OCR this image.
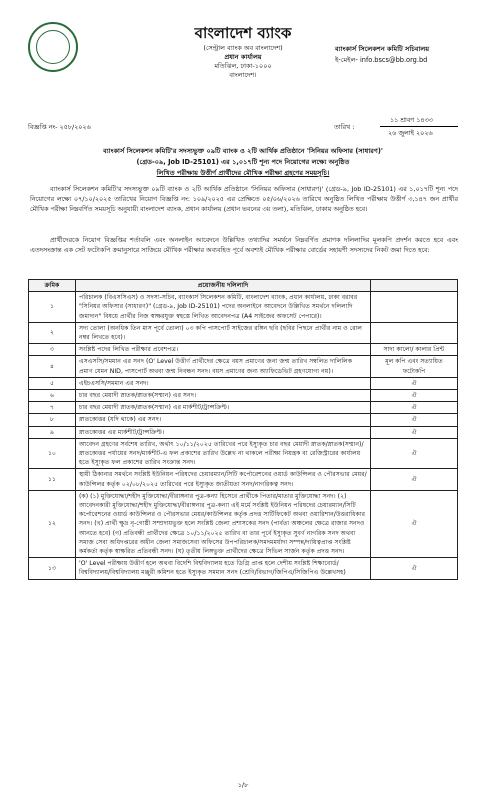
বাংলাদেশ ব্যাংক
(সেন্ট্রাল ব্যাংক অব বাংলাদেশ)
প্রধান কার্যালয়
মতিঝিল, ঢাকা-১০০০
বাংলাদেশ।
ব্যাংকার্স সিলেকশন কমিটি সচিবালয়
ই-মেইল- info.bscs@bb.org.bd
বিজ্ঞপ্তি নং- ২৫৮/২০২৬	তারিখ :
১১ শ্রাবণ ১৪৩৩
২৬ জুলাই ২০২৬
ব্যাংকার্স সিলেকশন কমিটি'র সদস্যভুক্ত ০৯টি ব্যাংক ও ২টি আর্থিক প্রতিষ্ঠানে 'সিনিয়র অফিসার (সাধারণ)'
(গ্রেড-০৯, Job ID-25101) এর ১,০১৭টি শূন্য পদে নিয়োগের লক্ষ্যে অনুষ্ঠিত
লিখিত পরীক্ষায় উত্তীর্ণ প্রার্থীদের মৌখিক পরীক্ষা গ্রহণের সময়সূচি।
ব্যাংকার্স সিলেকশন কমিটি'র সদস্যভুক্ত ০৯টি ব্যাংক ও ২টি আর্থিক প্রতিষ্ঠানে 'সিনিয়র অফিসার (সাধারণ)' (গ্রেড-৯, Job ID-25101) এর ১,০১৭টি শূন্য পদে নিয়োগের লক্ষ্যে ০৭/১০/২০২৫ তারিখের নিয়োগ বিজ্ঞপ্তি নং: ১০৯/২০২৫ এর প্রেক্ষিতে ০৫/০৬/২০২৬ তারিখে অনুষ্ঠিত লিখিত পরীক্ষায় উত্তীর্ণ ৩,১৪৭ জন প্রার্থীর মৌখিক পরীক্ষা নিম্নবর্ণিত সময়সূচি অনুযায়ী বাংলাদেশ ব্যাংক, প্রধান কার্যালয় (প্রধান ভবনের ৩য় তলা), মতিঝিল, ঢাকায় অনুষ্ঠিত হবে।
প্রার্থীদেরকে নিয়োগ বিজ্ঞপ্তির শর্তাবলি এবং অনলাইন আবেদনে উল্লিখিত তথ্যাদির সমর্থনে নিম্নবর্ণিত প্রমাণক দলিলাদির মূলকপি প্রদর্শন করতে হবে এবং এতদসংক্রান্ত এক সেট ফটোকপি ক্রমানুসারে সাজিয়ে মৌখিক পরীক্ষার অব্যবহিত পূর্বে অবশ্যই মৌখিক পরীক্ষার বোর্ডের সহায়ণী সদস্যদের নিকট জমা দিতে হবে:
ক্রমিক	প্রয়োজনীয় দলিলাদি	
১	পরিচালক (বিএসসিএস) ও সদস্য-সচিব, ব্যাংকার্স সিলেকশন কমিটি, বাংলাদেশ ব্যাংক, প্রধান কার্যালয়, ঢাকা বরাবর "সিনিয়র অফিসার (সাধারণ)" (গ্রেড-৯, Job ID-25101) পদের অনলাইনে আবেদনে উল্লিখিত সমর্থনে দলিলাদি জমাদান" বিষয়ে প্রার্থীর নিজ স্বাক্ষরযুক্ত স্বহস্তে লিখিত আবেদনপত্র (A4 সাইজের অফসেট পেপারে)।	
২	সদ্য তোলা (অনধিক তিন মাস পূর্বে তোলা) ০৩ কপি পাসপোর্ট সাইজের রঙ্গিন ছবি (ছবির পিছনে প্রার্থীর নাম ও রোল নম্বর লিখতে হবে)।	
৩	সংশ্লিষ্ট পদের লিখিত পরীক্ষার প্রবেশপত্র।	সাদা কালো/ কালার প্রিন্ট
৪	এসএসসি/সমমান এর সনদ (O' Level উত্তীর্ণ প্রার্থীদের ক্ষেত্রে বয়স প্রমাণের জন্য জন্ম তারিখ সম্বলিত দালিলিক প্রমাণ যেমন NID, পাসপোর্ট অথবা জন্ম নিবন্ধন সনদ। বয়স প্রমাণের জন্য অ্যাফিডেভিট গ্রহণযোগ্য নয়)।	মূল কপি এবং সত্যায়িত ফটোকপি
৫	এইচএসসি/সমমান এর সনদ।	ঐ
৬	চার বছর মেয়াদী স্নাতক/স্নাতক(সম্মান) এর সনদ।	ঐ
৭	চার বছর মেয়াদী স্নাতক/স্নাতক(সম্মান) এর মার্কশীট/ট্রান্সক্রিপ্ট।	ঐ
৮	স্নাতকোত্তর (যদি থাকে) এর সনদ।	ঐ
৯	স্নাতকোত্তর এর মার্কশীট/ট্রান্সক্রিপ্ট।	ঐ
১০	আবেদন গ্রহণের সর্বশেষ তারিখ, অর্থাৎ ১০/১১/২০২৫ তারিখের পরে ইস্যুকৃত চার বছর মেয়াদী স্নাতক/স্নাতক(সম্মান)/স্নাতকোত্তর পর্যায়ের সনদ/মার্কশীট-এ ফল প্রকাশের তারিখ উল্লেখ না থাকলে পরীক্ষা নিয়ন্ত্রক বা রেজিস্ট্রারের কার্যালয় হতে ইস্যুকৃত ফল প্রকাশের তারিখ সংক্রান্ত সনদ।	ঐ
১১	স্থায়ী ঠিকানার সমর্থনে সংশ্লিষ্ট ইউনিয়ন পরিষদের চেয়ারম্যান/সিটি কর্পোরেশনের ওয়ার্ড কাউন্সিলর ও পৌরসভার মেয়র/কাউন্সিলর কর্তৃক ০২/০৮/২০২৫ তারিখের পরে ইস্যুকৃত জাতীয়তা সনদ/নাগরিকত্ব সনদ।	ঐ
১২	(ক) (১) মুক্তিযোদ্ধা/শহীদ মুক্তিযোদ্ধা/বীরাঙ্গনার পুত্র-কন্যা হিসেবে প্রার্থীকে পিতার/মাতার মুক্তিযোদ্ধা সনদ। (২) আবেদনকারী মুক্তিযোদ্ধা/শহীদ মুক্তিযোদ্ধা/বীরাঙ্গনার পুত্র-কন্যা এই মর্মে সংশ্লিষ্ট ইউনিয়ন পরিষদের চেয়ারম্যান/সিটি কর্পোরেশনের ওয়ার্ড কাউন্সিলর ও পৌরসভার মেয়র/কাউন্সিলর কর্তৃক প্রদত্ত সার্টিফিকেট অথবা ওয়ারিশান/উত্তরাধিকার সনদ। (খ) প্রার্থী ক্ষুদ্র নৃ-গোষ্ঠী সম্প্রদায়ভুক্ত হলে সংশ্লিষ্ট জেলা প্রশাসকের সনদ (পার্বত্য অঞ্চলের ক্ষেত্রে রাজার সনদও আনতে হবে) (গ) প্রতিবন্ধী প্রার্থীদের ক্ষেত্রে ১০/১১/২০২৫ তারিখ বা তার পূর্বে ইস্যুকৃত সুবর্ণ নাগরিক সনদ অথবা সমাজ সেবা অধিদপ্তরের অধীন জেলা সমাজসেবা অফিসের উপপরিচালক/সমদমমর্যাদা সম্পন্ন/দায়িত্বপ্রাপ্ত সংশ্লিষ্ট কর্মকর্তা কর্তৃক স্বাক্ষরিত প্রতিবন্ধী সনদ। (ঘ) তৃতীয় লিঙ্গভুক্ত প্রার্থীদের ক্ষেত্রে সিভিল সার্জন কর্তৃক প্রদত্ত সনদ।	ঐ
১৩	'O' Level পরীক্ষায় উত্তীর্ণ হলে অথবা বিদেশি বিশ্ববিদ্যালয় হতে ডিগ্রি প্রাপ্ত হলে দেশীয় সংশ্লিষ্ট শিক্ষাবোর্ড/বিশ্ববিদ্যালয়/বিশ্ববিদ্যালয় মঞ্জুরী কমিশন হতে ইস্যুকৃত সমমান সনদ (শ্রেণি/বিভাগ/জিপিএ/সিজিপিএ উল্লেখসহ)	ঐ
১/৮
